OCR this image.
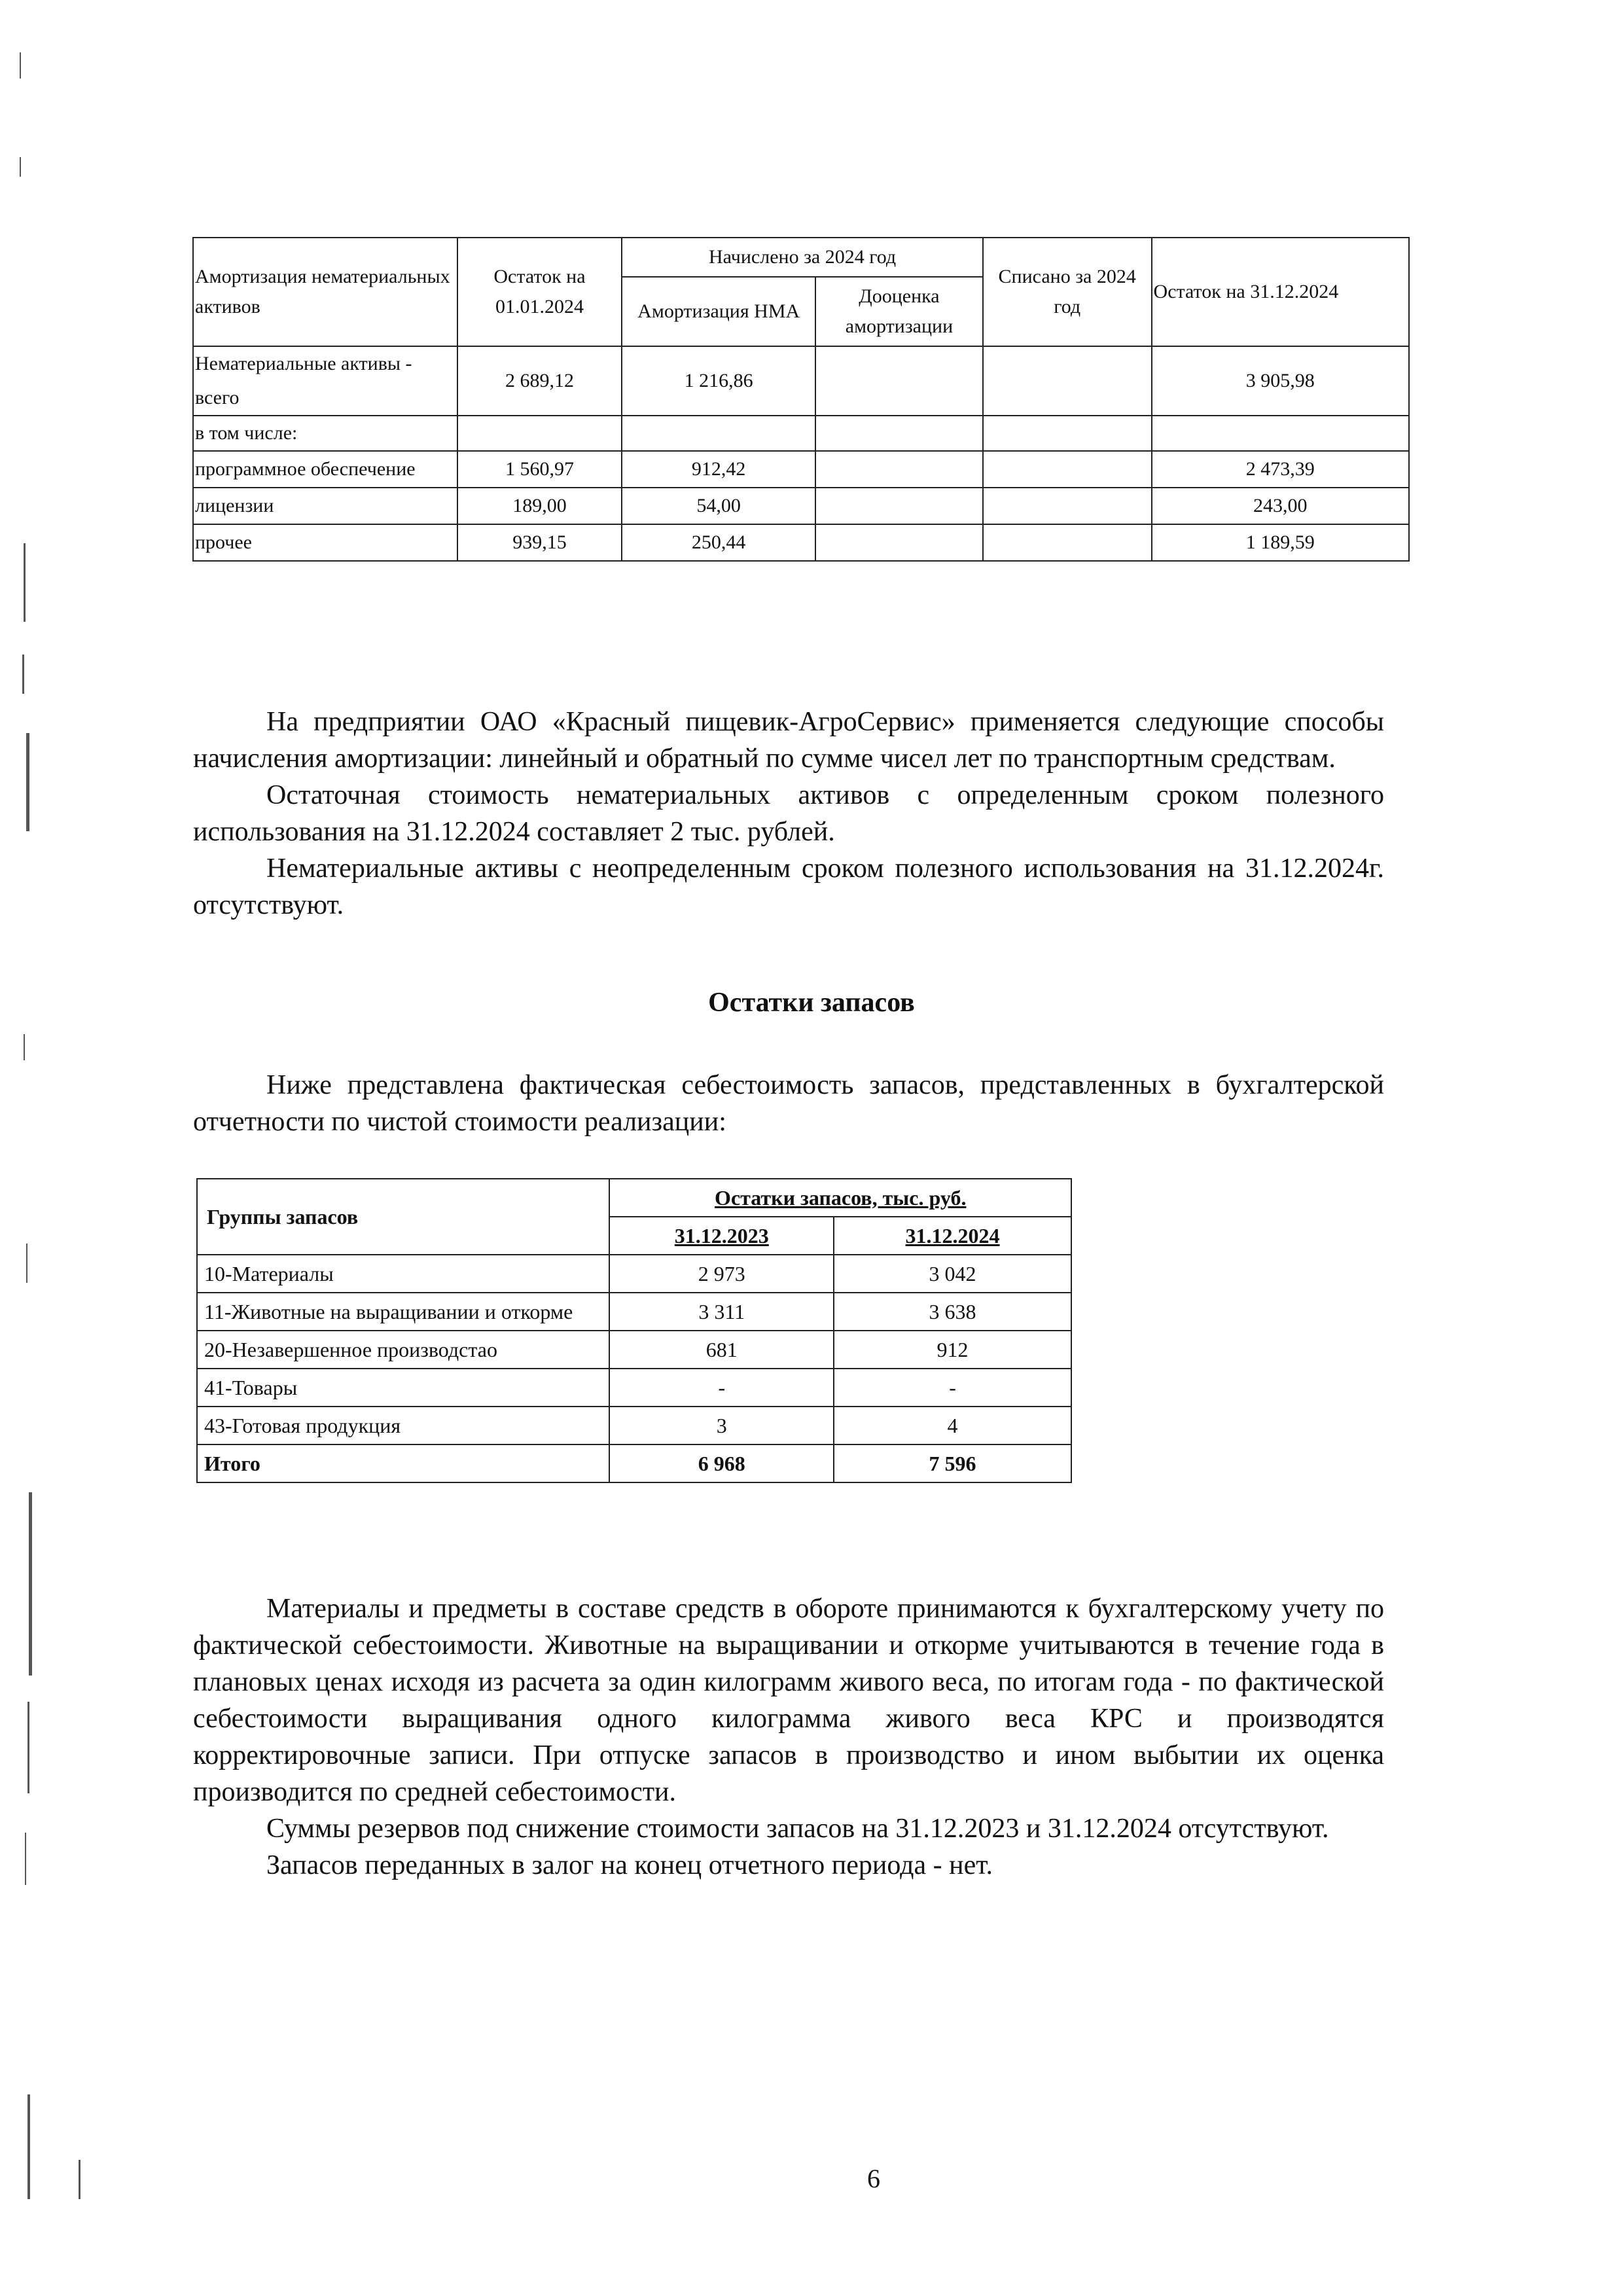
Амортизация нематериальных активов	Остаток на 01.01.2024	Начислено за 2024 год		Списано за 2024 год	Остаток на 31.12.2024
		Амортизация НМА	Дооценка амортизации		
Нематериальные активы - всего	2 689,12	1 216,86			3 905,98
в том числе:					
программное обеспечение	1 560,97	912,42			2 473,39
лицензии	189,00	54,00			243,00
прочее	939,15	250,44			1 189,59

На предприятии ОАО «Красный пищевик-АгроСервис» применяется следующие способы начисления амортизации: линейный и обратный по сумме чисел лет по транспортным средствам.

Остаточная стоимость нематериальных активов с определенным сроком полезного использования на 31.12.2024 составляет 2 тыс. рублей.

Нематериальные активы с неопределенным сроком полезного использования на 31.12.2024г. отсутствуют.

Остатки запасов

Ниже представлена фактическая себестоимость запасов, представленных в бухгалтерской отчетности по чистой стоимости реализации:

Группы запасов	Остатки запасов, тыс. руб.	
	31.12.2023	31.12.2024
10-Материалы	2 973	3 042
11-Животные на выращивании и откорме	3 311	3 638
20-Незавершенное производстао	681	912
41-Товары	-	-
43-Готовая продукция	3	4
Итого	6 968	7 596

Материалы и предметы в составе средств в обороте принимаются к бухгалтерскому учету по фактической себестоимости. Животные на выращивании и откорме учитываются в течение года в плановых ценах исходя из расчета за один килограмм живого веса, по итогам года - по фактической себестоимости выращивания одного килограмма живого веса КРС и производятся корректировочные записи. При отпуске запасов в производство и ином выбытии их оценка производится по средней себестоимости.

Суммы резервов под снижение стоимости запасов на 31.12.2023 и 31.12.2024 отсутствуют.

Запасов переданных в залог на конец отчетного периода - нет.

6
